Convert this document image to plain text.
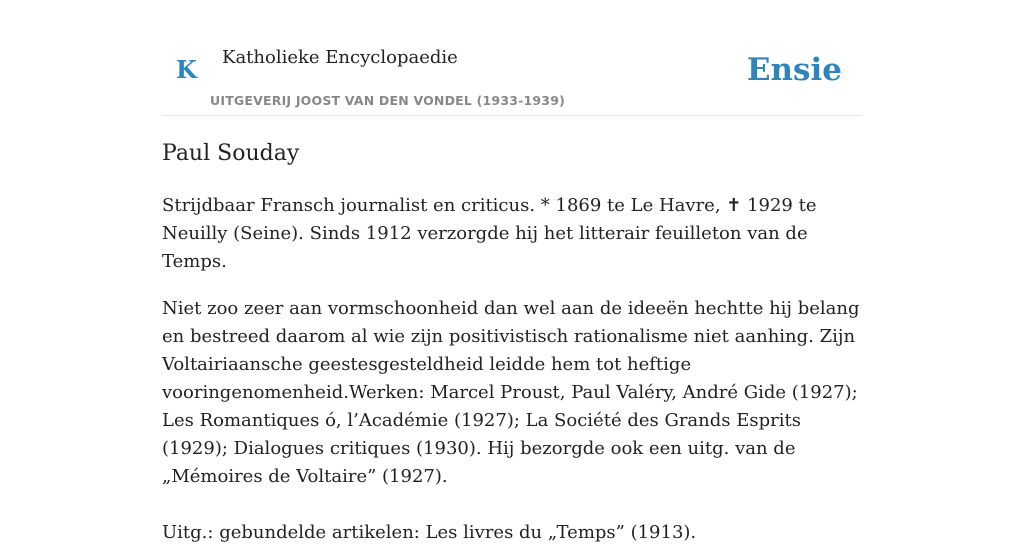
K Katholieke Encyclopaedie
UITGEVERIJ JOOST VAN DEN VONDEL (1933-1939)
Ensie
Paul Souday

Strijdbaar Fransch journalist en criticus. * 1869 te Le Havre, ✝ 1929 te Neuilly (Seine). Sinds 1912 verzorgde hij het litterair feuilleton van de Temps.

Niet zoo zeer aan vormschoonheid dan wel aan de ideeën hechtte hij belang en bestreed daarom al wie zijn positivistisch rationalisme niet aanhing. Zijn Voltairiaansche geestesgesteldheid leidde hem tot heftige vooringenomenheid.Werken: Marcel Proust, Paul Valéry, André Gide (1927); Les Romantiques ó, l’Académie (1927); La Société des Grands Esprits (1929); Dialogues critiques (1930). Hij bezorgde ook een uitg. van de „Mémoires de Voltaire” (1927).

Uitg.: gebundelde artikelen: Les livres du „Temps” (1913).
